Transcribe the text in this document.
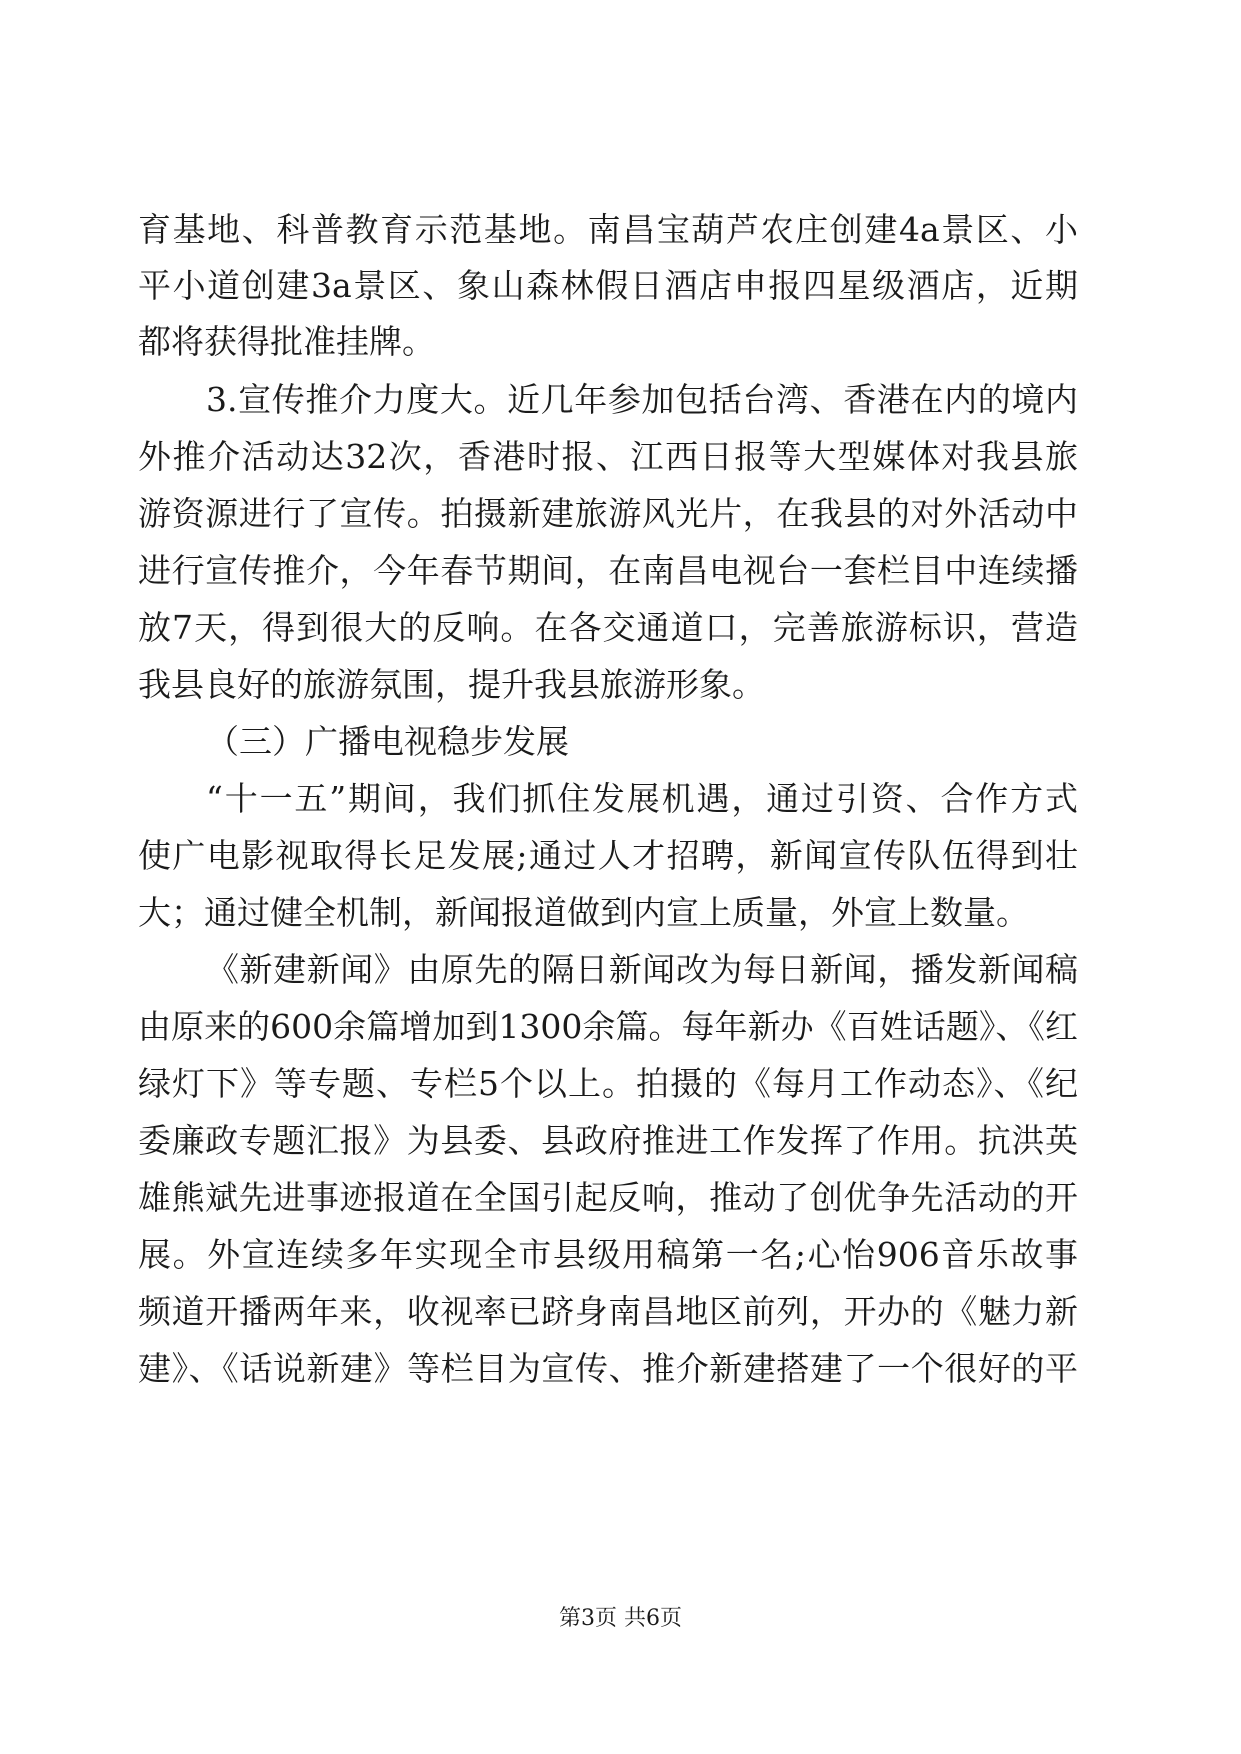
育基地、科普教育示范基地。南昌宝葫芦农庄创建4a景区、小
平小道创建3a景区、象山森林假日酒店申报四星级酒店，近期
都将获得批准挂牌。
3.宣传推介力度大。近几年参加包括台湾、香港在内的境内
外推介活动达32次，香港时报、江西日报等大型媒体对我县旅
游资源进行了宣传。拍摄新建旅游风光片，在我县的对外活动中
进行宣传推介，今年春节期间，在南昌电视台一套栏目中连续播
放7天，得到很大的反响。在各交通道口，完善旅游标识，营造
我县良好的旅游氛围，提升我县旅游形象。
（三）广播电视稳步发展
“十一五”期间，我们抓住发展机遇，通过引资、合作方式
使广电影视取得长足发展;通过人才招聘，新闻宣传队伍得到壮
大；通过健全机制，新闻报道做到内宣上质量，外宣上数量。
《新建新闻》由原先的隔日新闻改为每日新闻，播发新闻稿
由原来的600余篇增加到1300余篇。每年新办《百姓话题》、《红
绿灯下》等专题、专栏5个以上。拍摄的《每月工作动态》、《纪
委廉政专题汇报》为县委、县政府推进工作发挥了作用。抗洪英
雄熊斌先进事迹报道在全国引起反响，推动了创优争先活动的开
展。外宣连续多年实现全市县级用稿第一名;心怡906音乐故事
频道开播两年来，收视率已跻身南昌地区前列，开办的《魅力新
建》、《话说新建》等栏目为宣传、推介新建搭建了一个很好的平
第3页 共6页
